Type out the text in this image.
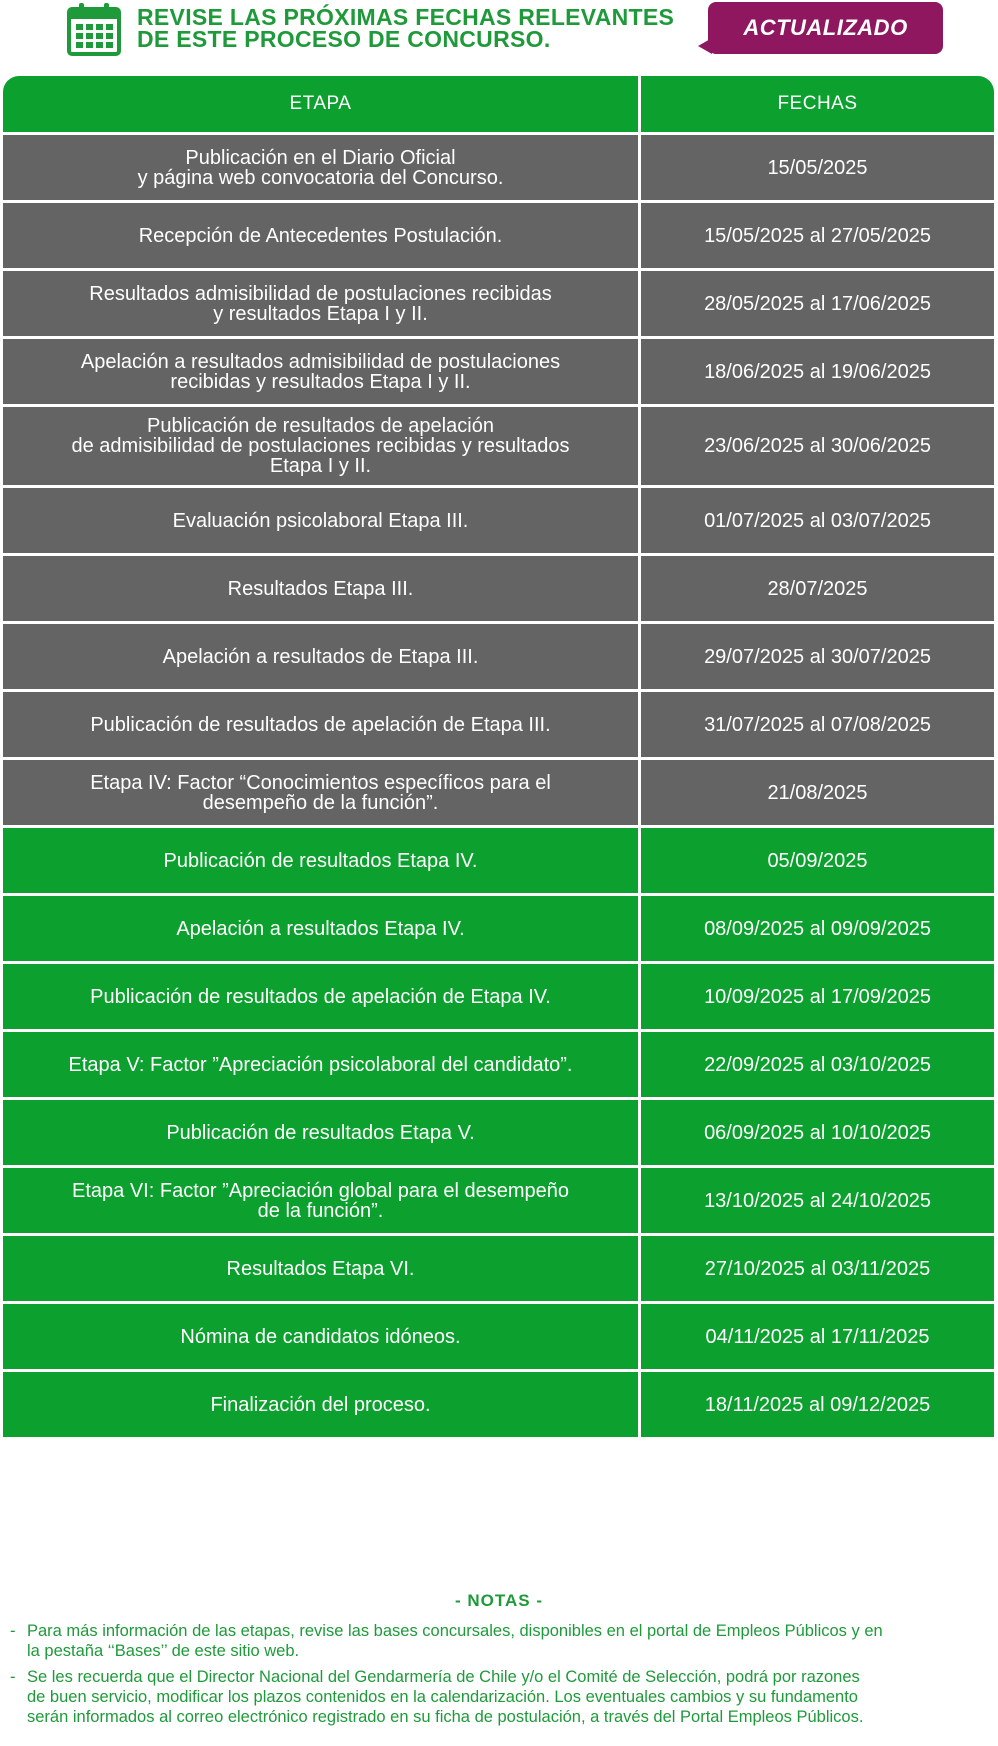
REVISE LAS PRÓXIMAS FECHAS RELEVANTES
DE ESTE PROCESO DE CONCURSO.	ACTUALIZADO
ETAPA	FECHAS
Publicación en el Diario Oficial
y página web convocatoria del Concurso.	15/05/2025
Recepción de Antecedentes Postulación.	15/05/2025 al 27/05/2025
Resultados admisibilidad de postulaciones recibidas
y resultados Etapa I y II.	28/05/2025 al 17/06/2025
Apelación a resultados admisibilidad de postulaciones
recibidas y resultados Etapa I y II.	18/06/2025 al 19/06/2025
Publicación de resultados de apelación
de admisibilidad de postulaciones recibidas y resultados
Etapa I y II.
23/06/2025 al 30/06/2025
Evaluación psicolaboral Etapa III.	01/07/2025 al 03/07/2025
Resultados Etapa III.	28/07/2025
Apelación a resultados de Etapa III.	29/07/2025 al 30/07/2025
Publicación de resultados de apelación de Etapa III.	31/07/2025 al 07/08/2025
Etapa IV: Factor “Conocimientos específicos para el
desempeño de la función”.	21/08/2025
Publicación de resultados Etapa IV.	05/09/2025
Apelación a resultados Etapa IV.	08/09/2025 al 09/09/2025
Publicación de resultados de apelación de Etapa IV.	10/09/2025 al 17/09/2025
Etapa V: Factor ”Apreciación psicolaboral del candidato”.	22/09/2025 al 03/10/2025
Publicación de resultados Etapa V.	06/09/2025 al 10/10/2025
Etapa VI: Factor ”Apreciación global para el desempeño
de la función”.	13/10/2025 al 24/10/2025
Resultados Etapa VI.	27/10/2025 al 03/11/2025
Nómina de candidatos idóneos.	04/11/2025 al 17/11/2025
Finalización del proceso.	18/11/2025 al 09/12/2025
- NOTAS -
- Para más información de las etapas, revise las bases concursales, disponibles en el portal de Empleos Públicos y en
la pestaña ‘‘Bases’’ de este sitio web.
- Se les recuerda que el Director Nacional del Gendarmería de Chile y/o el Comité de Selección, podrá por razones
de buen servicio, modificar los plazos contenidos en la calendarización. Los eventuales cambios y su fundamento
serán informados al correo electrónico registrado en su ficha de postulación, a través del Portal Empleos Públicos.
